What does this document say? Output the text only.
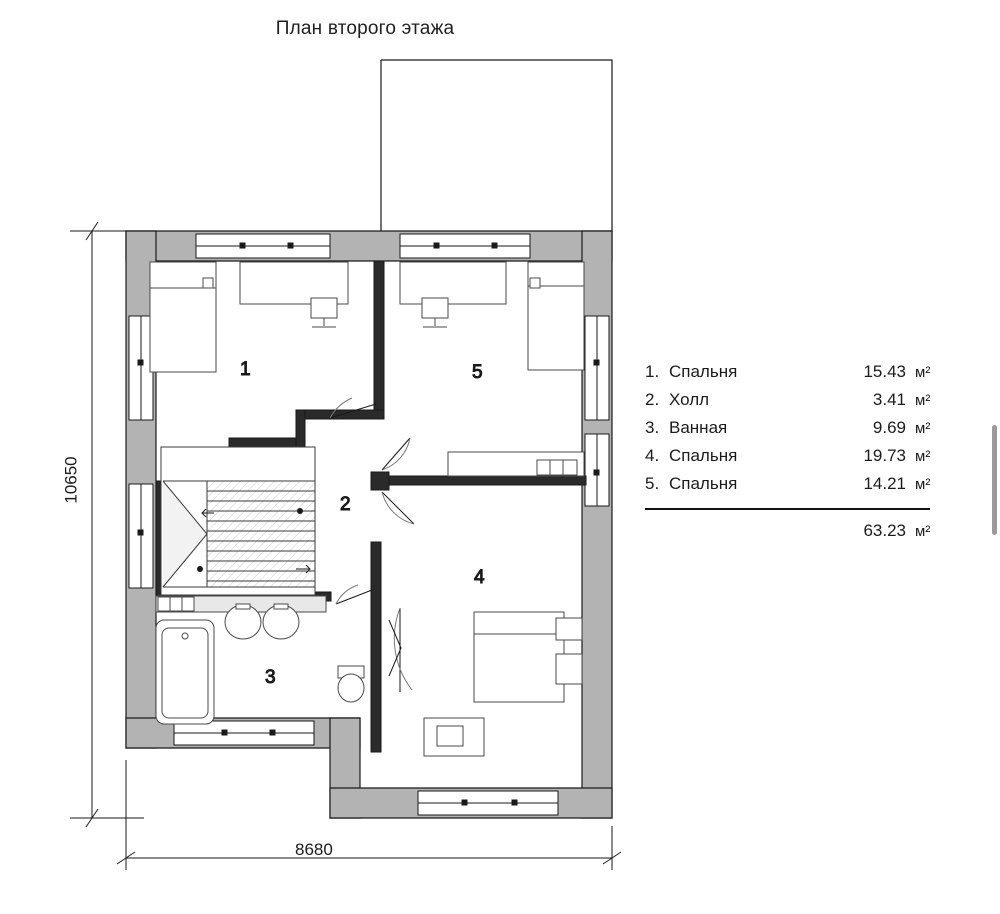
План второго этажа
1
2
3
4
5
10650
8680
1. Спальня	15.43 м²
2. Холл	3.41 м²
3. Ванная	9.69 м²
4. Спальня	19.73 м²
5. Спальня	14.21 м²
63.23 м²
